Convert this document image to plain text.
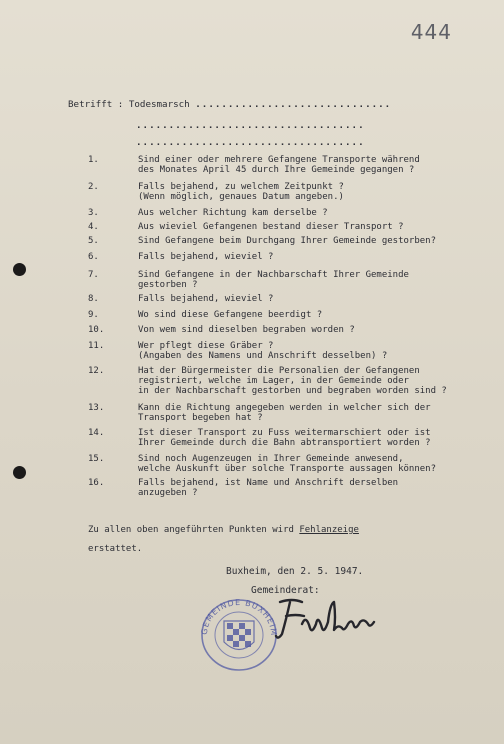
444
Betrifft : Todesmarsch ..............................
...................................
...................................
1.	Sind einer oder mehrere Gefangene Transporte während
des Monates April 45 durch Ihre Gemeinde gegangen ?
2.	Falls bejahend, zu welchem Zeitpunkt ?
(Wenn möglich, genaues Datum angeben.)
3.	Aus welcher Richtung kam derselbe ?
4.	Aus wieviel Gefangenen bestand dieser Transport ?
5.	Sind Gefangene beim Durchgang Ihrer Gemeinde gestorben?
6.	Falls bejahend, wieviel ?
7.	Sind Gefangene in der Nachbarschaft Ihrer Gemeinde
gestorben ?
8.	Falls bejahend, wieviel ?
9.	Wo sind diese Gefangene beerdigt ?
10.	Von wem sind dieselben begraben worden ?
11.	Wer pflegt diese Gräber ?
(Angaben des Namens und Anschrift desselben) ?
12.	Hat der Bürgermeister die Personalien der Gefangenen
registriert, welche im Lager, in der Gemeinde oder
in der Nachbarschaft gestorben und begraben worden sind ?
13.	Kann die Richtung angegeben werden in welcher sich der
Transport begeben hat ?
14.	Ist dieser Transport zu Fuss weitermarschiert oder ist
Ihrer Gemeinde durch die Bahn abtransportiert worden ?
15.	Sind noch Augenzeugen in Ihrer Gemeinde anwesend,
welche Auskunft über solche Transporte aussagen können?
16.	Falls bejahend, ist Name und Anschrift derselben
anzugeben ?
Zu allen oben angeführten Punkten wird Fehlanzeige
erstattet.
Buxheim, den 2. 5. 1947.
Gemeinderat:
GEMEINDE BUXHEIM
